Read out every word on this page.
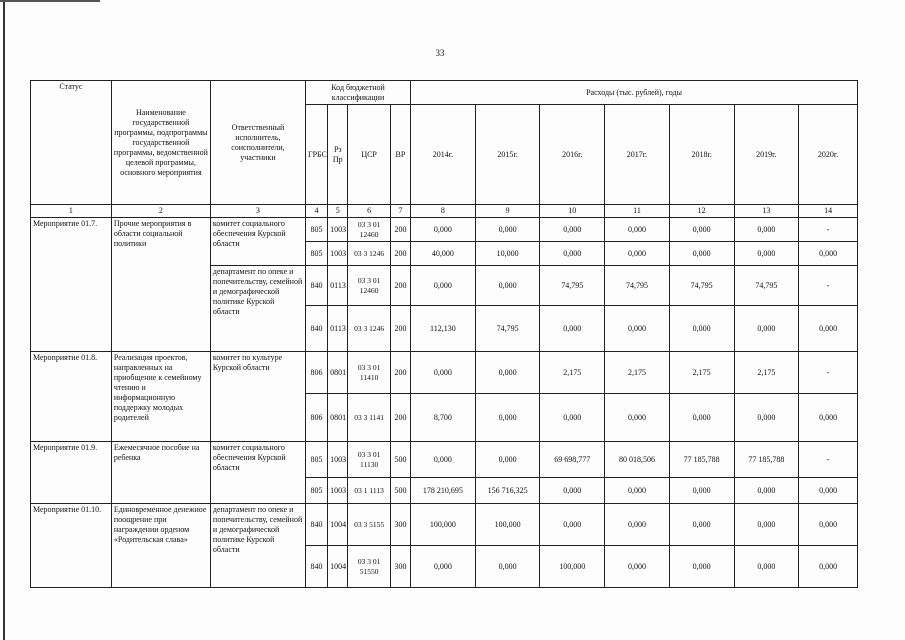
33
Статус	Наименование государственной программы, подпрограммы государственной программы, ведомственной целевой программы, основного мероприятия	Ответственный исполнитель, соисполнители, участники	Код бюджетной классификации				Расходы (тыс. рублей), годы						
			ГРБС	Рз Пр	ЦСР	ВР	2014г.	2015г.	2016г.	2017г.	2018г.	2019г.	2020г.
1	2	3	4	5	6	7	8	9	10	11	12	13	14
Мероприятие 01.7.	Прочие мероприятия в области социальной политики	комитет социального обеспечения Курской области	805	1003	03 3 01 12460	200	0,000	0,000	0,000	0,000	0,000	0,000	-
			805	1003	03 3 1246	200	40,000	10,000	0,000	0,000	0,000	0,000	0,000
		департамент по опеке и попечительству, семейной и демографической политике Курской области	840	0113	03 3 01 12460	200	0,000	0,000	74,795	74,795	74,795	74,795	-
			840	0113	03 3 1246	200	112,130	74,795	0,000	0,000	0,000	0,000	0,000
Мероприятие 01.8.	Реализация проектов, направленных на приобщение к семейному чтению и информационную поддержку молодых родителей	комитет по культуре Курской области	806	0801	03 3 01 11410	200	0,000	0,000	2,175	2,175	2,175	2,175	-
			806	0801	03 3 1141	200	8,700	0,000	0,000	0,000	0,000	0,000	0,000
Мероприятие 01.9.	Ежемесячное пособие на ребенка	комитет социального обеспечения Курской области	805	1003	03 3 01 11130	500	0,000	0,000	69 698,777	80 018,506	77 185,788	77 185,788	-
			805	1003	03 1 1113	500	178 210,695	156 716,325	0,000	0,000	0,000	0,000	0,000
Мероприятие 01.10.	Единовременное денежное поощрение при награждении орденом «Родительская слава»	департамент по опеке и попечительству, семейной и демографической политике Курской области	840	1004	03 3 5155	300	100,000	100,000	0,000	0,000	0,000	0,000	0,000
			840	1004	03 3 01 51550	300	0,000	0,000	100,000	0,000	0,000	0,000	0,000
